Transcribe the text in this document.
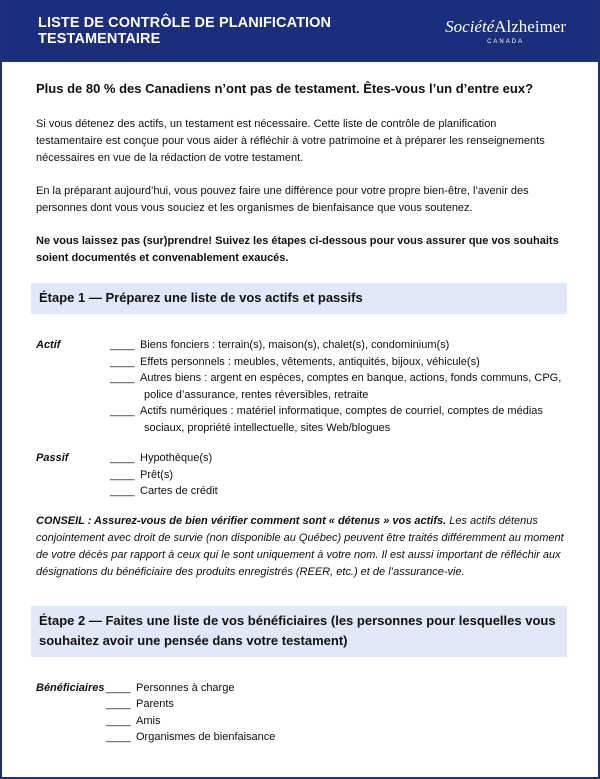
LISTE DE CONTRÔLE DE PLANIFICATION TESTAMENTAIRE
SociétéAlzheimer
CANADA
Plus de 80 % des Canadiens n’ont pas de testament. Êtes-vous l’un d’entre eux?
Si vous détenez des actifs, un testament est nécessaire. Cette liste de contrôle de planification testamentaire est conçue pour vous aider à réfléchir à votre patrimoine et à préparer les renseignements nécessaires en vue de la rédaction de votre testament.
En la préparant aujourd’hui, vous pouvez faire une différence pour votre propre bien-être, l’avenir des personnes dont vous vous souciez et les organismes de bienfaisance que vous soutenez.
Ne vous laissez pas (sur)prendre! Suivez les étapes ci-dessous pour vous assurer que vos souhaits soient documentés et convenablement exaucés.
Étape 1 — Préparez une liste de vos actifs et passifs
Actif	____ Biens fonciers : terrain(s), maison(s), chalet(s), condominium(s)
____ Effets personnels : meubles, vêtements, antiquités, bijoux, véhicule(s)
____ Autres biens : argent en espèces, comptes en banque, actions, fonds communs, CPG,
police d’assurance, rentes réversibles, retraite
____ Actifs numériques : matériel informatique, comptes de courriel, comptes de médias
sociaux, propriété intellectuelle, sites Web/blogues
Passif	____ Hypothèque(s)
____ Prêt(s)
____ Cartes de crédit
CONSEIL : Assurez-vous de bien vérifier comment sont « détenus » vos actifs. Les actifs détenus conjointement avec droit de survie (non disponible au Québec) peuvent être traités différemment au moment de votre décès par rapport à ceux qui le sont uniquement à votre nom. Il est aussi important de réfléchir aux désignations du bénéficiaire des produits enregistrés (REER, etc.) et de l’assurance-vie.
Étape 2 — Faites une liste de vos bénéficiaires (les personnes pour lesquelles vous souhaitez avoir une pensée dans votre testament)
Bénéficiaires ____ Personnes à charge
____ Parents
____ Amis
____ Organismes de bienfaisance
